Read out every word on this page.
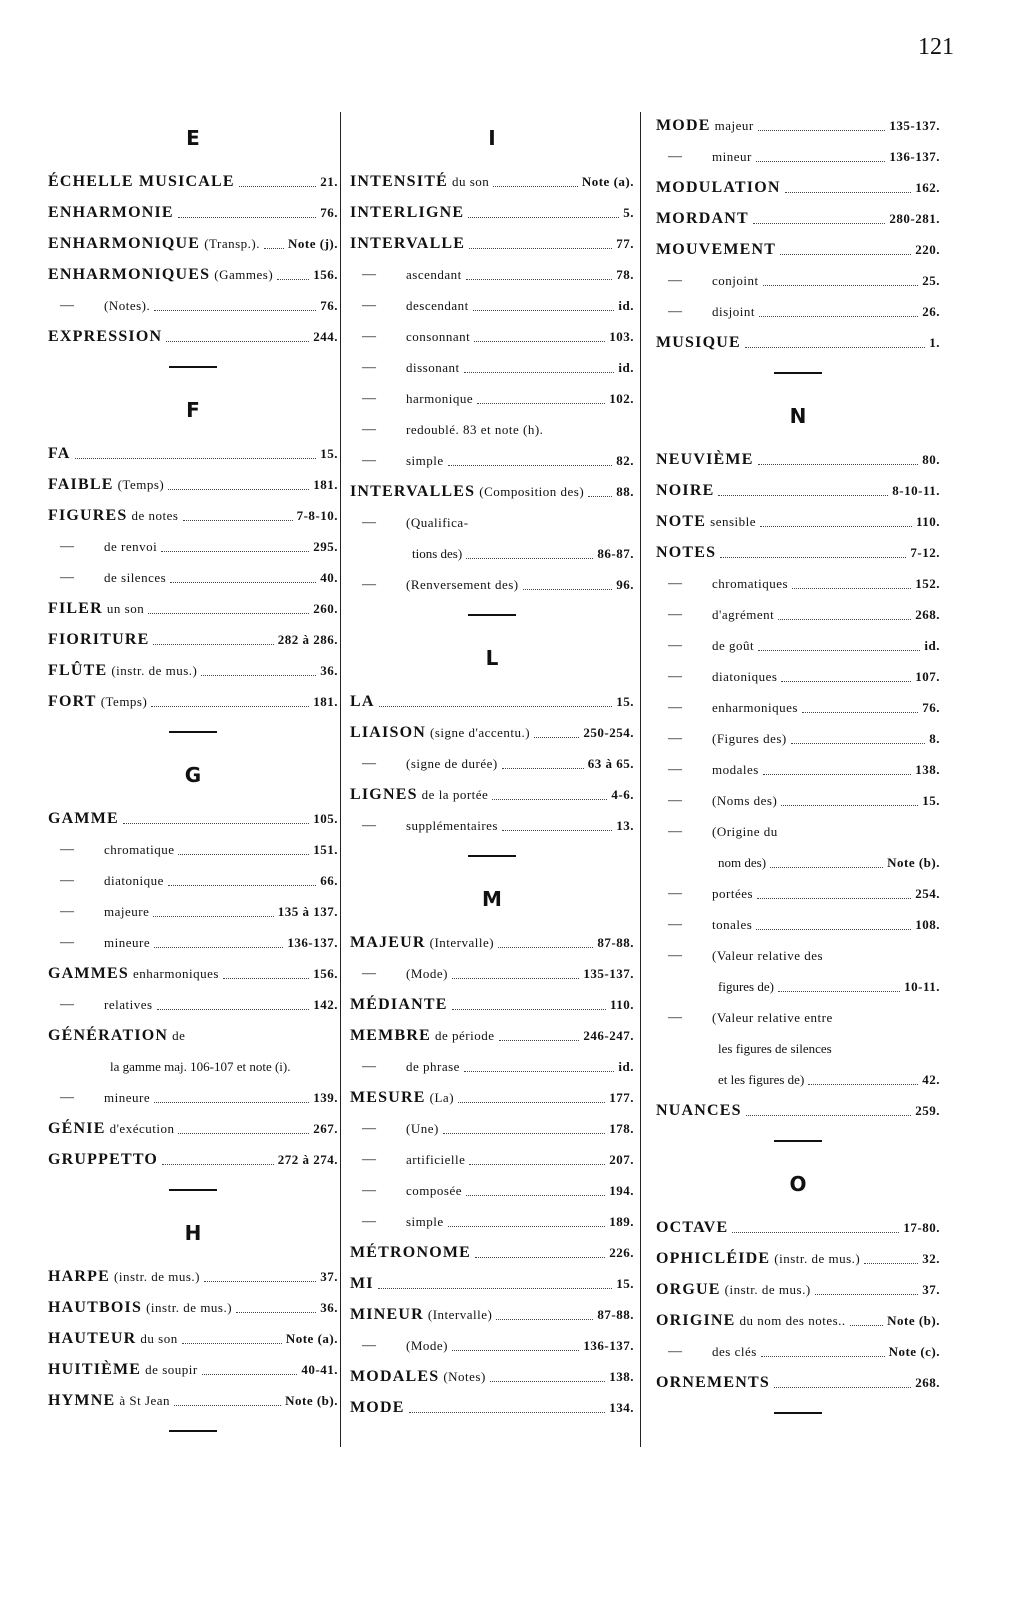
121
E
ÉCHELLE MUSICALE	21.
ENHARMONIE	76.
ENHARMONIQUE (Transp.). Note (j).
ENHARMONIQUES (Gammes)	156.
— (Notes).	76.
EXPRESSION	244.
F
FA	15.
FAIBLE (Temps)	181.
FIGURES de notes	7-8-10.
— de renvoi	295.
— de silences	40.
FILER un son	260.
FIORITURE	282 à 286.
FLÛTE (instr. de mus.)	36.
FORT (Temps)	181.
G
GAMME	105.
— chromatique	151.
— diatonique	66.
— majeure	135 à 137.
— mineure	136-137.
GAMMES enharmoniques	156.
— relatives	142.
GÉNÉRATION de
la gamme maj. 106-107 et note (i).
— mineure	139.
GÉNIE d'exécution	267.
GRUPPETTO	272 à 274.
H
HARPE (instr. de mus.)	37.
HAUTBOIS (instr. de mus.)	36.
HAUTEUR du son	Note (a).
HUITIÈME de soupir	40-41.
HYMNE à St Jean	Note (b).
I
INTENSITÉ du son	Note (a).
INTERLIGNE	5.
INTERVALLE	77.
— ascendant	78.
— descendant	id.
— consonnant	103.
— dissonant	id.
— harmonique	102.
— redoublé. 83 et note (h).
— simple	82.
INTERVALLES (Composition des) 88.
— (Qualifica-
tions des)	86-87.
— (Renversement des)	96.
L
LA	15.
LIAISON (signe d'accentu.)	250-254.
— (signe de durée)	63 à 65.
LIGNES de la portée	4-6.
— supplémentaires	13.
M
MAJEUR (Intervalle)	87-88.
— (Mode)	135-137.
MÉDIANTE	110.
MEMBRE de période	246-247.
— de phrase	id.
MESURE (La)	177.
— (Une)	178.
— artificielle	207.
— composée	194.
— simple	189.
MÉTRONOME	226.
MI	15.
MINEUR (Intervalle)	87-88.
— (Mode)	136-137.
MODALES (Notes)	138.
MODE	134.
MODE majeur	135-137.
— mineur	136-137.
MODULATION	162.
MORDANT	280-281.
MOUVEMENT	220.
— conjoint	25.
— disjoint	26.
MUSIQUE	1.
N
NEUVIÈME	80.
NOIRE	8-10-11.
NOTE sensible	110.
NOTES	7-12.
— chromatiques	152.
— d'agrément	268.
— de goût	id.
— diatoniques	107.
— enharmoniques	76.
— (Figures des)	8.
— modales	138.
— (Noms des)	15.
— (Origine du
nom des)	Note (b).
— portées	254.
— tonales	108.
— (Valeur relative des
figures de)	10-11.
— (Valeur relative entre
les figures de silences
et les figures de)	42.
NUANCES	259.
O
OCTAVE	17-80.
OPHICLÉIDE (instr. de mus.)	32.
ORGUE (instr. de mus.)	37.
ORIGINE du nom des notes..	Note (b).
— des clés	Note (c).
ORNEMENTS	268.
